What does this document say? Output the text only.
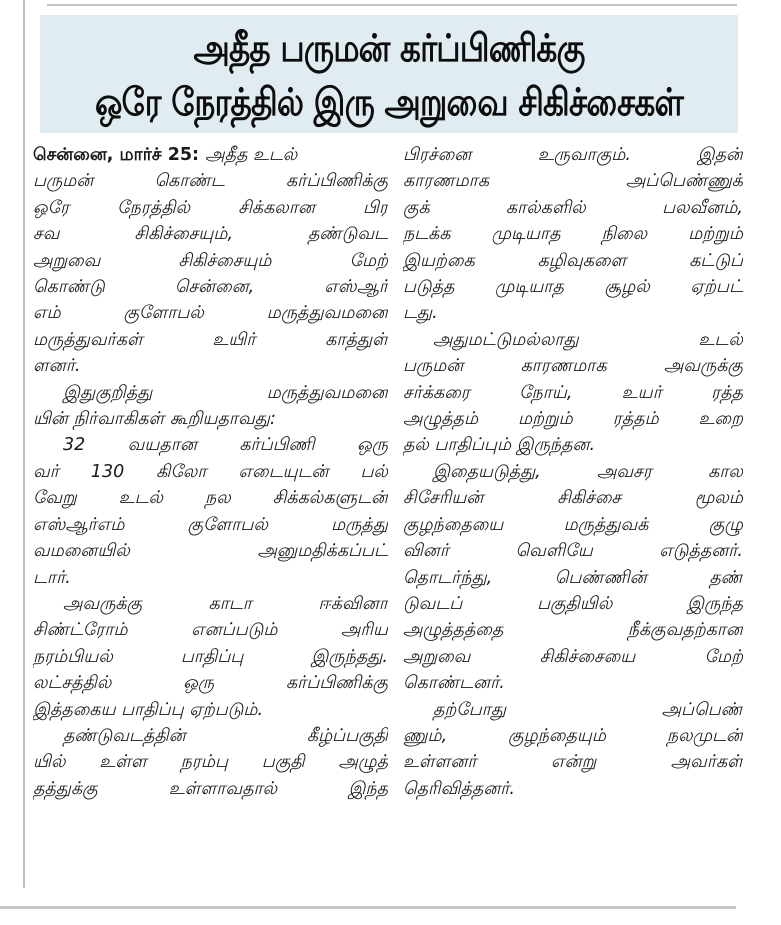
அதீத பருமன் கர்ப்பிணிக்கு
ஒரே நேரத்தில் இரு அறுவை சிகிச்சைகள்
சென்னை, மார்ச் 25: அதீத உடல்
பருமன் கொண்ட கர்ப்பிணிக்கு
ஒரே நேரத்தில் சிக்கலான பிர
சவ சிகிச்சையும், தண்டுவட
அறுவை சிகிச்சையும் மேற்
கொண்டு சென்னை, எஸ்ஆர்
எம் குளோபல் மருத்துவமனை
மருத்துவர்கள் உயிர் காத்துள்
ளனர்.
இதுகுறித்து மருத்துவமனை
யின் நிர்வாகிகள் கூறியதாவது:
32 வயதான கர்ப்பிணி ஒரு
வர் 130 கிலோ எடையுடன் பல்
வேறு உடல் நல சிக்கல்களுடன்
எஸ்ஆர்எம் குளோபல் மருத்து
வமனையில் அனுமதிக்கப்பட்
டார்.
அவருக்கு காடா ஈக்வினா
சிண்ட்ரோம் எனப்படும் அரிய
நரம்பியல் பாதிப்பு இருந்தது.
லட்சத்தில் ஒரு கர்ப்பிணிக்கு
இத்தகைய பாதிப்பு ஏற்படும்.
தண்டுவடத்தின் கீழ்ப்பகுதி
யில் உள்ள நரம்பு பகுதி அழுத்
தத்துக்கு உள்ளாவதால் இந்த
பிரச்னை உருவாகும். இதன்
காரணமாக அப்பெண்ணுக்
குக் கால்களில் பலவீனம்,
நடக்க முடியாத நிலை மற்றும்
இயற்கை கழிவுகளை கட்டுப்
படுத்த முடியாத சூழல் ஏற்பட்
டது.
அதுமட்டுமல்லாது உடல்
பருமன் காரணமாக அவருக்கு
சர்க்கரை நோய், உயர் ரத்த
அழுத்தம் மற்றும் ரத்தம் உறை
தல் பாதிப்பும் இருந்தன.
இதையடுத்து, அவசர கால
சிசேரியன் சிகிச்சை மூலம்
குழந்தையை மருத்துவக் குழு
வினர் வெளியே எடுத்தனர்.
தொடர்ந்து, பெண்ணின் தண்
டுவடப் பகுதியில் இருந்த
அழுத்தத்தை நீக்குவதற்கான
அறுவை சிகிச்சையை மேற்
கொண்டனர்.
தற்போது அப்பெண்
ணும், குழந்தையும் நலமுடன்
உள்ளனர் என்று அவர்கள்
தெரிவித்தனர்.
